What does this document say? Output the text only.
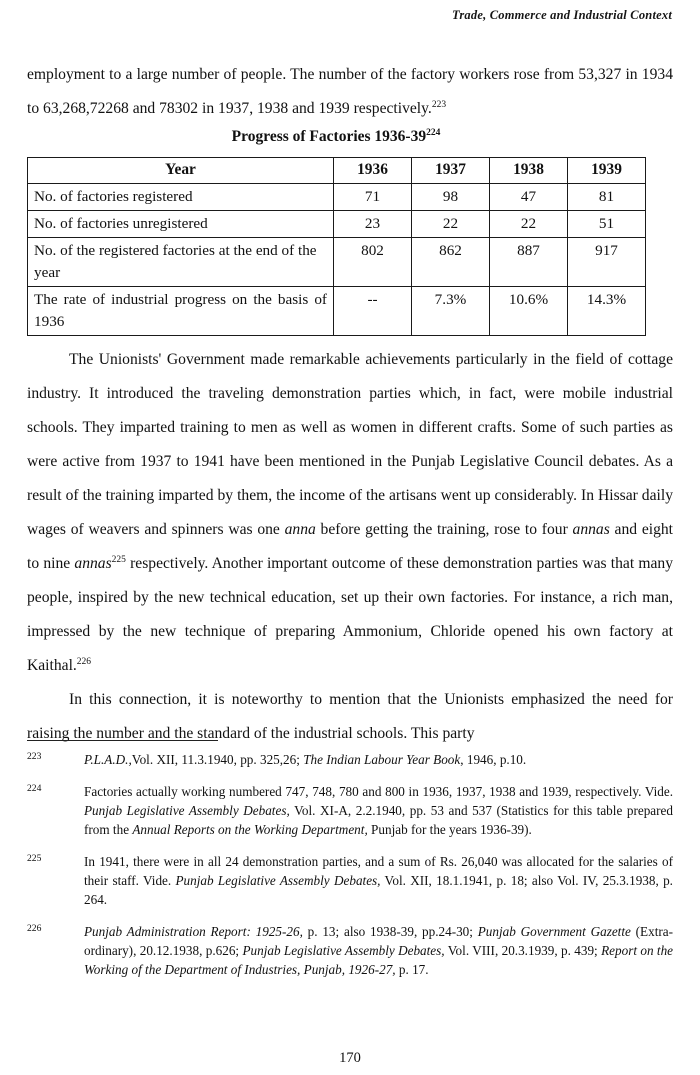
Trade, Commerce and Industrial Context

employment to a large number of people. The number of the factory workers rose from 53,327 in 1934 to 63,268,72268 and 78302 in 1937, 1938 and 1939 respectively.$^{223}$

Progress of Factories $1936-39^{224}$
Year	1936	1937	1938	1939
No. of factories registered	71	98	47	81
No. of factories unregistered	23	22	22	51
No. of the registered factories at the end of the year	802	862	887	917
The rate of industrial progress on the basis of 1936	--	7.3%	10.6%	14.3%

The Unionists' Government made remarkable achievements particularly in the field of cottage industry. It introduced the traveling demonstration parties which, in fact, were mobile industrial schools. They imparted training to men as well as women in different crafts. Some of such parties as were active from 1937 to 1941 have been mentioned in the Punjab Legislative Council debates. As a result of the training imparted by them, the income of the artisans went up considerably. In Hissar daily wages of weavers and spinners was one anna before getting the training, rose to four annas and eight to nine annas$^{225}$ respectively. Another important outcome of these demonstration parties was that many people, inspired by the new technical education, set up their own factories. For instance, a rich man, impressed by the new technique of preparing Ammonium, Chloride opened his own factory at Kaithal.$^{226}$

In this connection, it is noteworthy to mention that the Unionists emphasized the need for raising the number and the standard of the industrial schools. This party

223	P.L.A.D.,Vol. XII, 11.3.1940, pp. 325,26; The Indian Labour Year Book, 1946, p.10.
224	Factories actually working numbered 747, 748, 780 and 800 in 1936, 1937, 1938 and 1939, respectively. Vide. Punjab Legislative Assembly Debates, Vol. XI-A, 2.2.1940, pp. 53 and 537 (Statistics for this table prepared from the Annual Reports on the Working Department, Punjab for the years 1936-39).
225	In 1941, there were in all 24 demonstration parties, and a sum of Rs. 26,040 was allocated for the salaries of their staff. Vide. Punjab Legislative Assembly Debates, Vol. XII, 18.1.1941, p. 18; also Vol. IV, 25.3.1938, p. 264.
226	Punjab Administration Report: 1925-26, p. 13; also 1938-39, pp.24-30; Punjab Government Gazette (Extra-ordinary), 20.12.1938, p.626; Punjab Legislative Assembly Debates, Vol. VIII, 20.3.1939, p. 439; Report on the Working of the Department of Industries, Punjab, 1926-27, p. 17.
170
